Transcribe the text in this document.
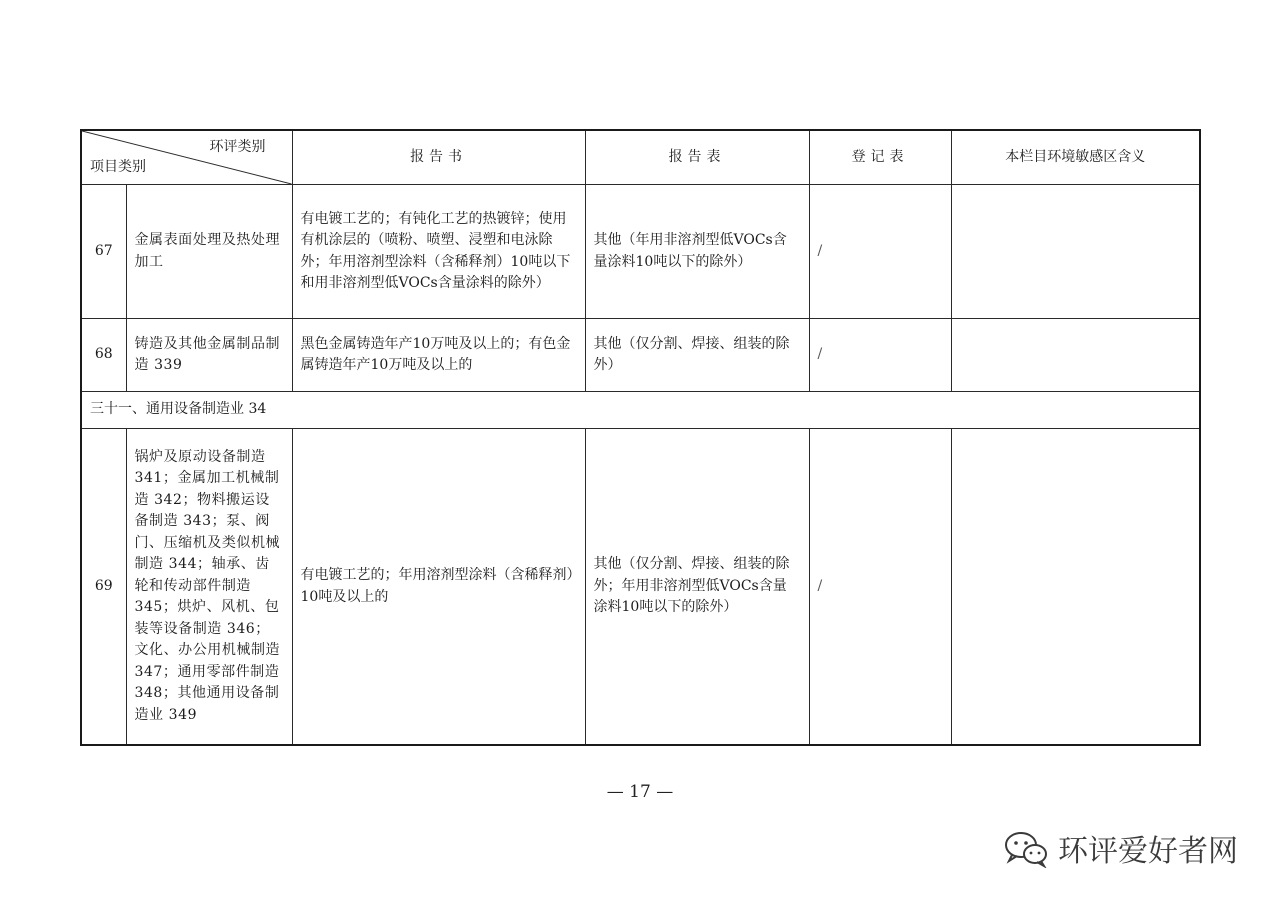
环评类别
项目类别		报告书	报告表	登记表	本栏目环境敏感区含义
67	金属表面处理及热处理加工	有电镀工艺的；有钝化工艺的热镀锌；使用有机涂层的（喷粉、喷塑、浸塑和电泳除外；年用溶剂型涂料（含稀释剂）10吨以下和用非溶剂型低VOCs含量涂料的除外）	其他（年用非溶剂型低VOCs含量涂料10吨以下的除外）	/	
68	铸造及其他金属制品制造 339	黑色金属铸造年产10万吨及以上的；有色金属铸造年产10万吨及以上的	其他（仅分割、焊接、组装的除外）	/	
三十一、通用设备制造业 34					
69	锅炉及原动设备制造 341；金属加工机械制造 342；物料搬运设备制造 343；泵、阀门、压缩机及类似机械制造 344；轴承、齿轮和传动部件制造 345；烘炉、风机、包装等设备制造 346；文化、办公用机械制造 347；通用零部件制造 348；其他通用设备制造业 349	有电镀工艺的；年用溶剂型涂料（含稀释剂）10吨及以上的	其他（仅分割、焊接、组装的除外；年用非溶剂型低VOCs含量涂料10吨以下的除外）	/	
— 17 —
环评爱好者网
